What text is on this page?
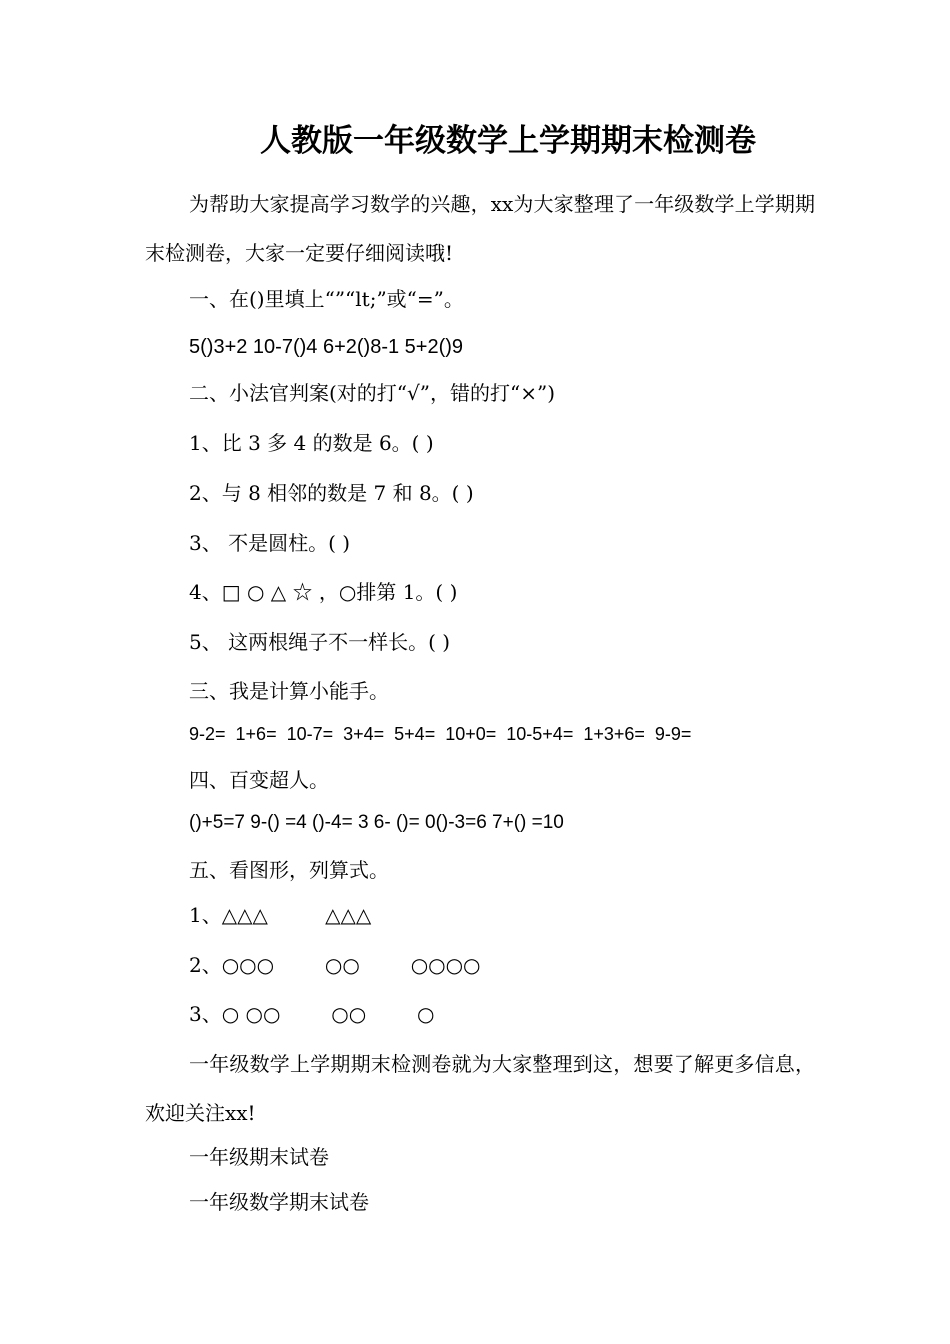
人教版一年级数学上学期期末检测卷
为帮助大家提高学习数学的兴趣，xx为大家整理了一年级数学上学期期末检测卷，大家一定要仔细阅读哦!
一、在()里填上“”“lt;”或“=”。
5()3+2 10-7()4 6+2()8-1 5+2()9
二、小法官判案(对的打“√”，错的打“×”)
1、比 3 多 4 的数是 6。( )
2、与 8 相邻的数是 7 和 8。( )
3、 不是圆柱。( )
4、□ ○ △ ☆ ，○排第 1。( )
5、 这两根绳子不一样长。( )
三、我是计算小能手。
9-2=  1+6=  10-7=  3+4=  5+4=  10+0=  10-5+4=  1+3+6=  9-9=
四、百变超人。
()+5=7 9-() =4 ()-4= 3 6- ()= 0()-3=6 7+() =10
五、看图形，列算式。
1、△△△         △△△
2、○○○        ○○        ○○○○
3、○ ○○        ○○        ○
一年级数学上学期期末检测卷就为大家整理到这，想要了解更多信息，欢迎关注xx!
一年级期末试卷
一年级数学期末试卷
